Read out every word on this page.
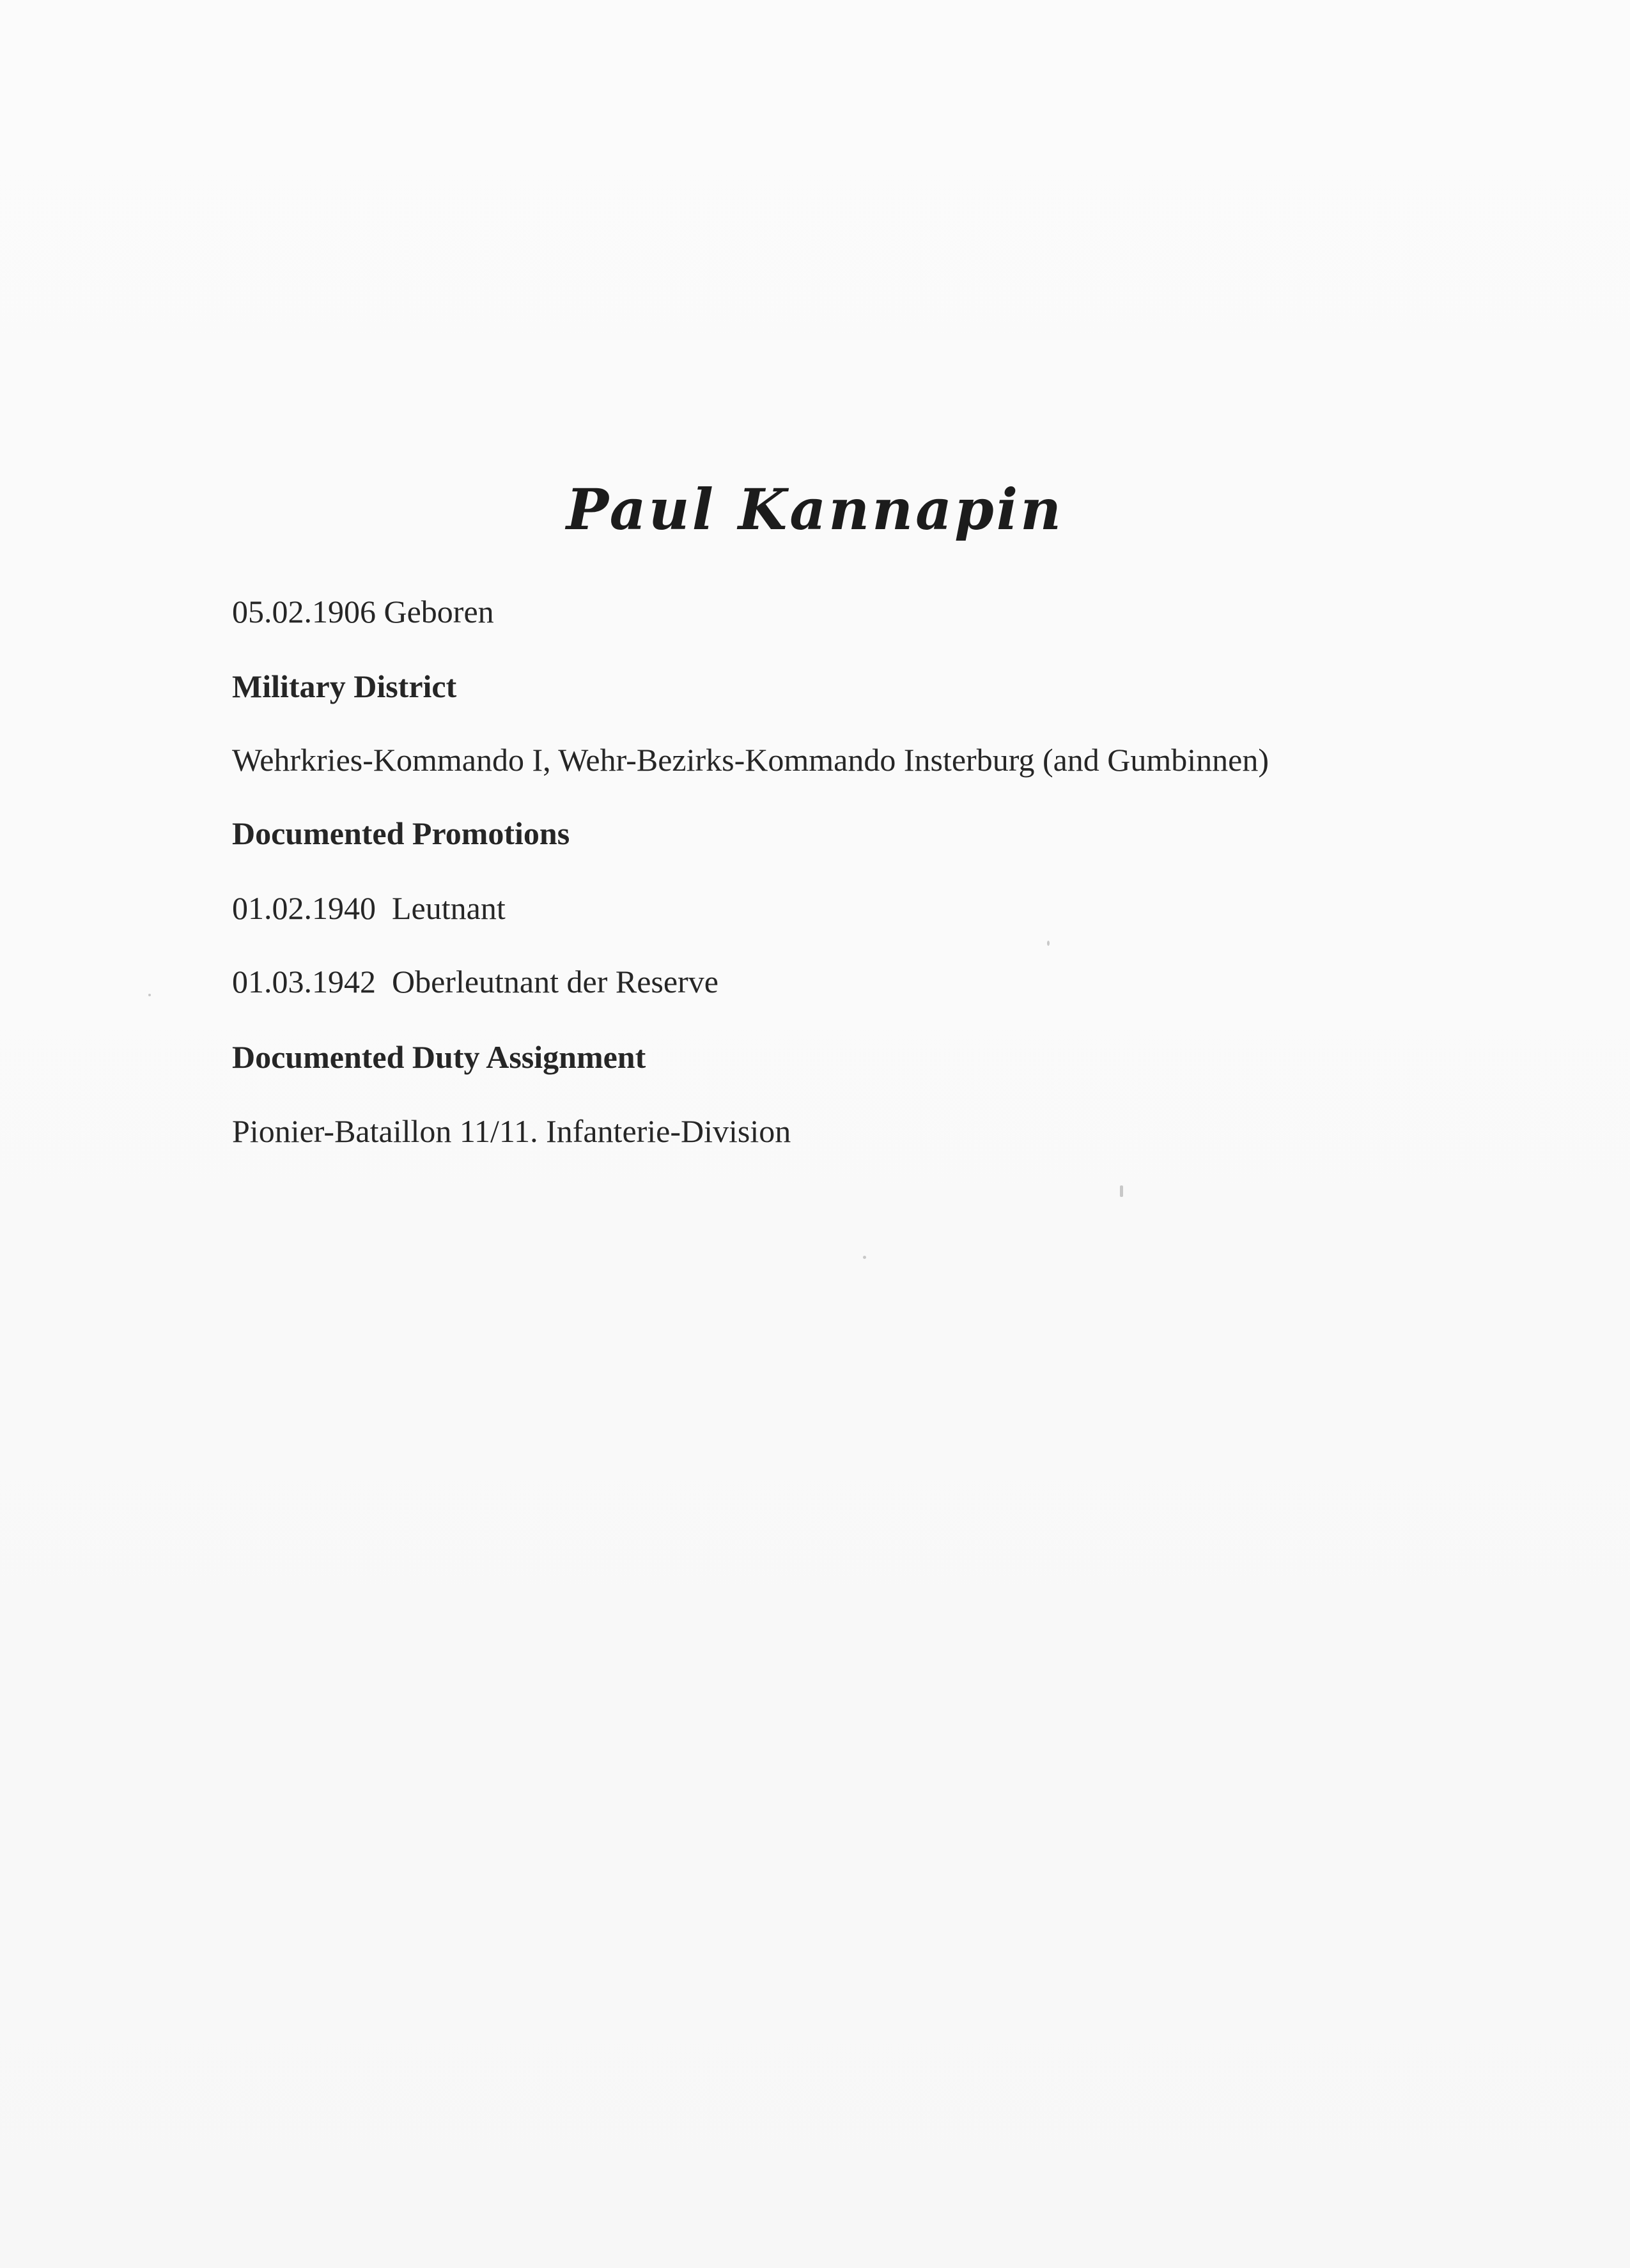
Paul Kannapin
05.02.1906 Geboren
Military District
Wehrkries-Kommando I, Wehr-Bezirks-Kommando Insterburg (and Gumbinnen)
Documented Promotions
01.02.1940  Leutnant
01.03.1942  Oberleutnant der Reserve
Documented Duty Assignment
Pionier-Bataillon 11/11. Infanterie-Division
